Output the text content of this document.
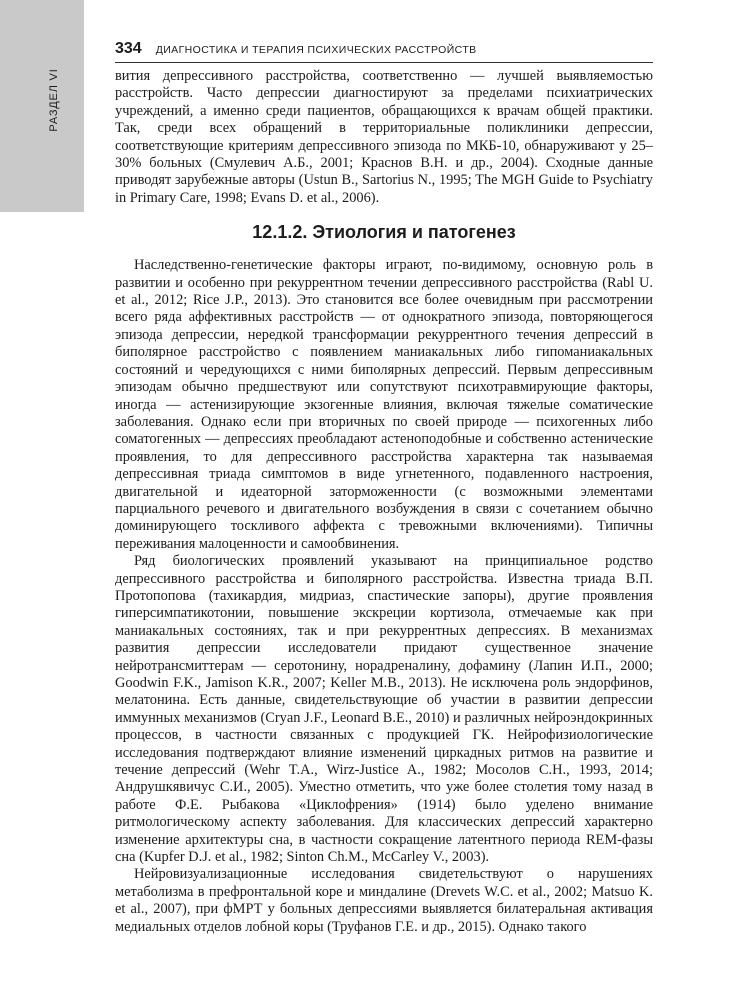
РАЗДЕЛ VI
334 ДИАГНОСТИКА И ТЕРАПИЯ ПСИХИЧЕСКИХ РАССТРОЙСТВ

вития депрессивного расстройства, соответственно — лучшей выявляемостью расстройств. Часто депрессии диагностируют за пределами психиатрических учреждений, а именно среди пациентов, обращающихся к врачам общей практики. Так, среди всех обращений в территориальные поликлиники депрессии, соответствующие критериям депрессивного эпизода по МКБ-10, обнаруживают у 25–30% больных (Смулевич А.Б., 2001; Краснов В.Н. и др., 2004). Сходные данные приводят зарубежные авторы (Ustun B., Sartorius N., 1995; The MGH Guide to Psychiatry in Primary Care, 1998; Evans D. et al., 2006).

12.1.2. Этиология и патогенез

Наследственно-генетические факторы играют, по-видимому, основную роль в развитии и особенно при рекуррентном течении депрессивного расстройства (Rabl U. et al., 2012; Rice J.P., 2013). Это становится все более очевидным при рассмотрении всего ряда аффективных расстройств — от однократного эпизода, повторяющегося эпизода депрессии, нередкой трансформации рекуррентного течения депрессий в биполярное расстройство с появлением маниакальных либо гипоманиакальных состояний и чередующихся с ними биполярных депрессий. Первым депрессивным эпизодам обычно предшествуют или сопутствуют психотравмирующие факторы, иногда — астенизирующие экзогенные влияния, включая тяжелые соматические заболевания. Однако если при вторичных по своей природе — психогенных либо соматогенных — депрессиях преобладают астеноподобные и собственно астенические проявления, то для депрессивного расстройства характерна так называемая депрессивная триада симптомов в виде угнетенного, подавленного настроения, двигательной и идеаторной заторможенности (с возможными элементами парциального речевого и двигательного возбуждения в связи с сочетанием обычно доминирующего тоскливого аффекта с тревожными включениями). Типичны переживания малоценности и самообвинения.

Ряд биологических проявлений указывают на принципиальное родство депрессивного расстройства и биполярного расстройства. Известна триада В.П. Протопопова (тахикардия, мидриаз, спастические запоры), другие проявления гиперсимпатикотонии, повышение экскреции кортизола, отмечаемые как при маниакальных состояниях, так и при рекуррентных депрессиях. В механизмах развития депрессии исследователи придают существенное значение нейротрансмиттерам — серотонину, норадреналину, дофамину (Лапин И.П., 2000; Goodwin F.K., Jamison K.R., 2007; Keller M.B., 2013). Не исключена роль эндорфинов, мелатонина. Есть данные, свидетельствующие об участии в развитии депрессии иммунных механизмов (Cryan J.F., Leonard B.E., 2010) и различных нейроэндокринных процессов, в частности связанных с продукцией ГК. Нейрофизиологические исследования подтверждают влияние изменений циркадных ритмов на развитие и течение депрессий (Wehr T.A., Wirz-Justice A., 1982; Мосолов С.Н., 1993, 2014; Андрушкявичус С.И., 2005). Уместно отметить, что уже более столетия тому назад в работе Ф.Е. Рыбакова «Циклофрения» (1914) было уделено внимание ритмологическому аспекту заболевания. Для классических депрессий характерно изменение архитектуры сна, в частности сокращение латентного периода REM-фазы сна (Kupfer D.J. et al., 1982; Sinton Ch.M., McCarley V., 2003).

Нейровизуализационные исследования свидетельствуют о нарушениях метаболизма в префронтальной коре и миндалине (Drevets W.C. et al., 2002; Matsuo K. et al., 2007), при фМРТ у больных депрессиями выявляется билатеральная активация медиальных отделов лобной коры (Труфанов Г.Е. и др., 2015). Однако такого
